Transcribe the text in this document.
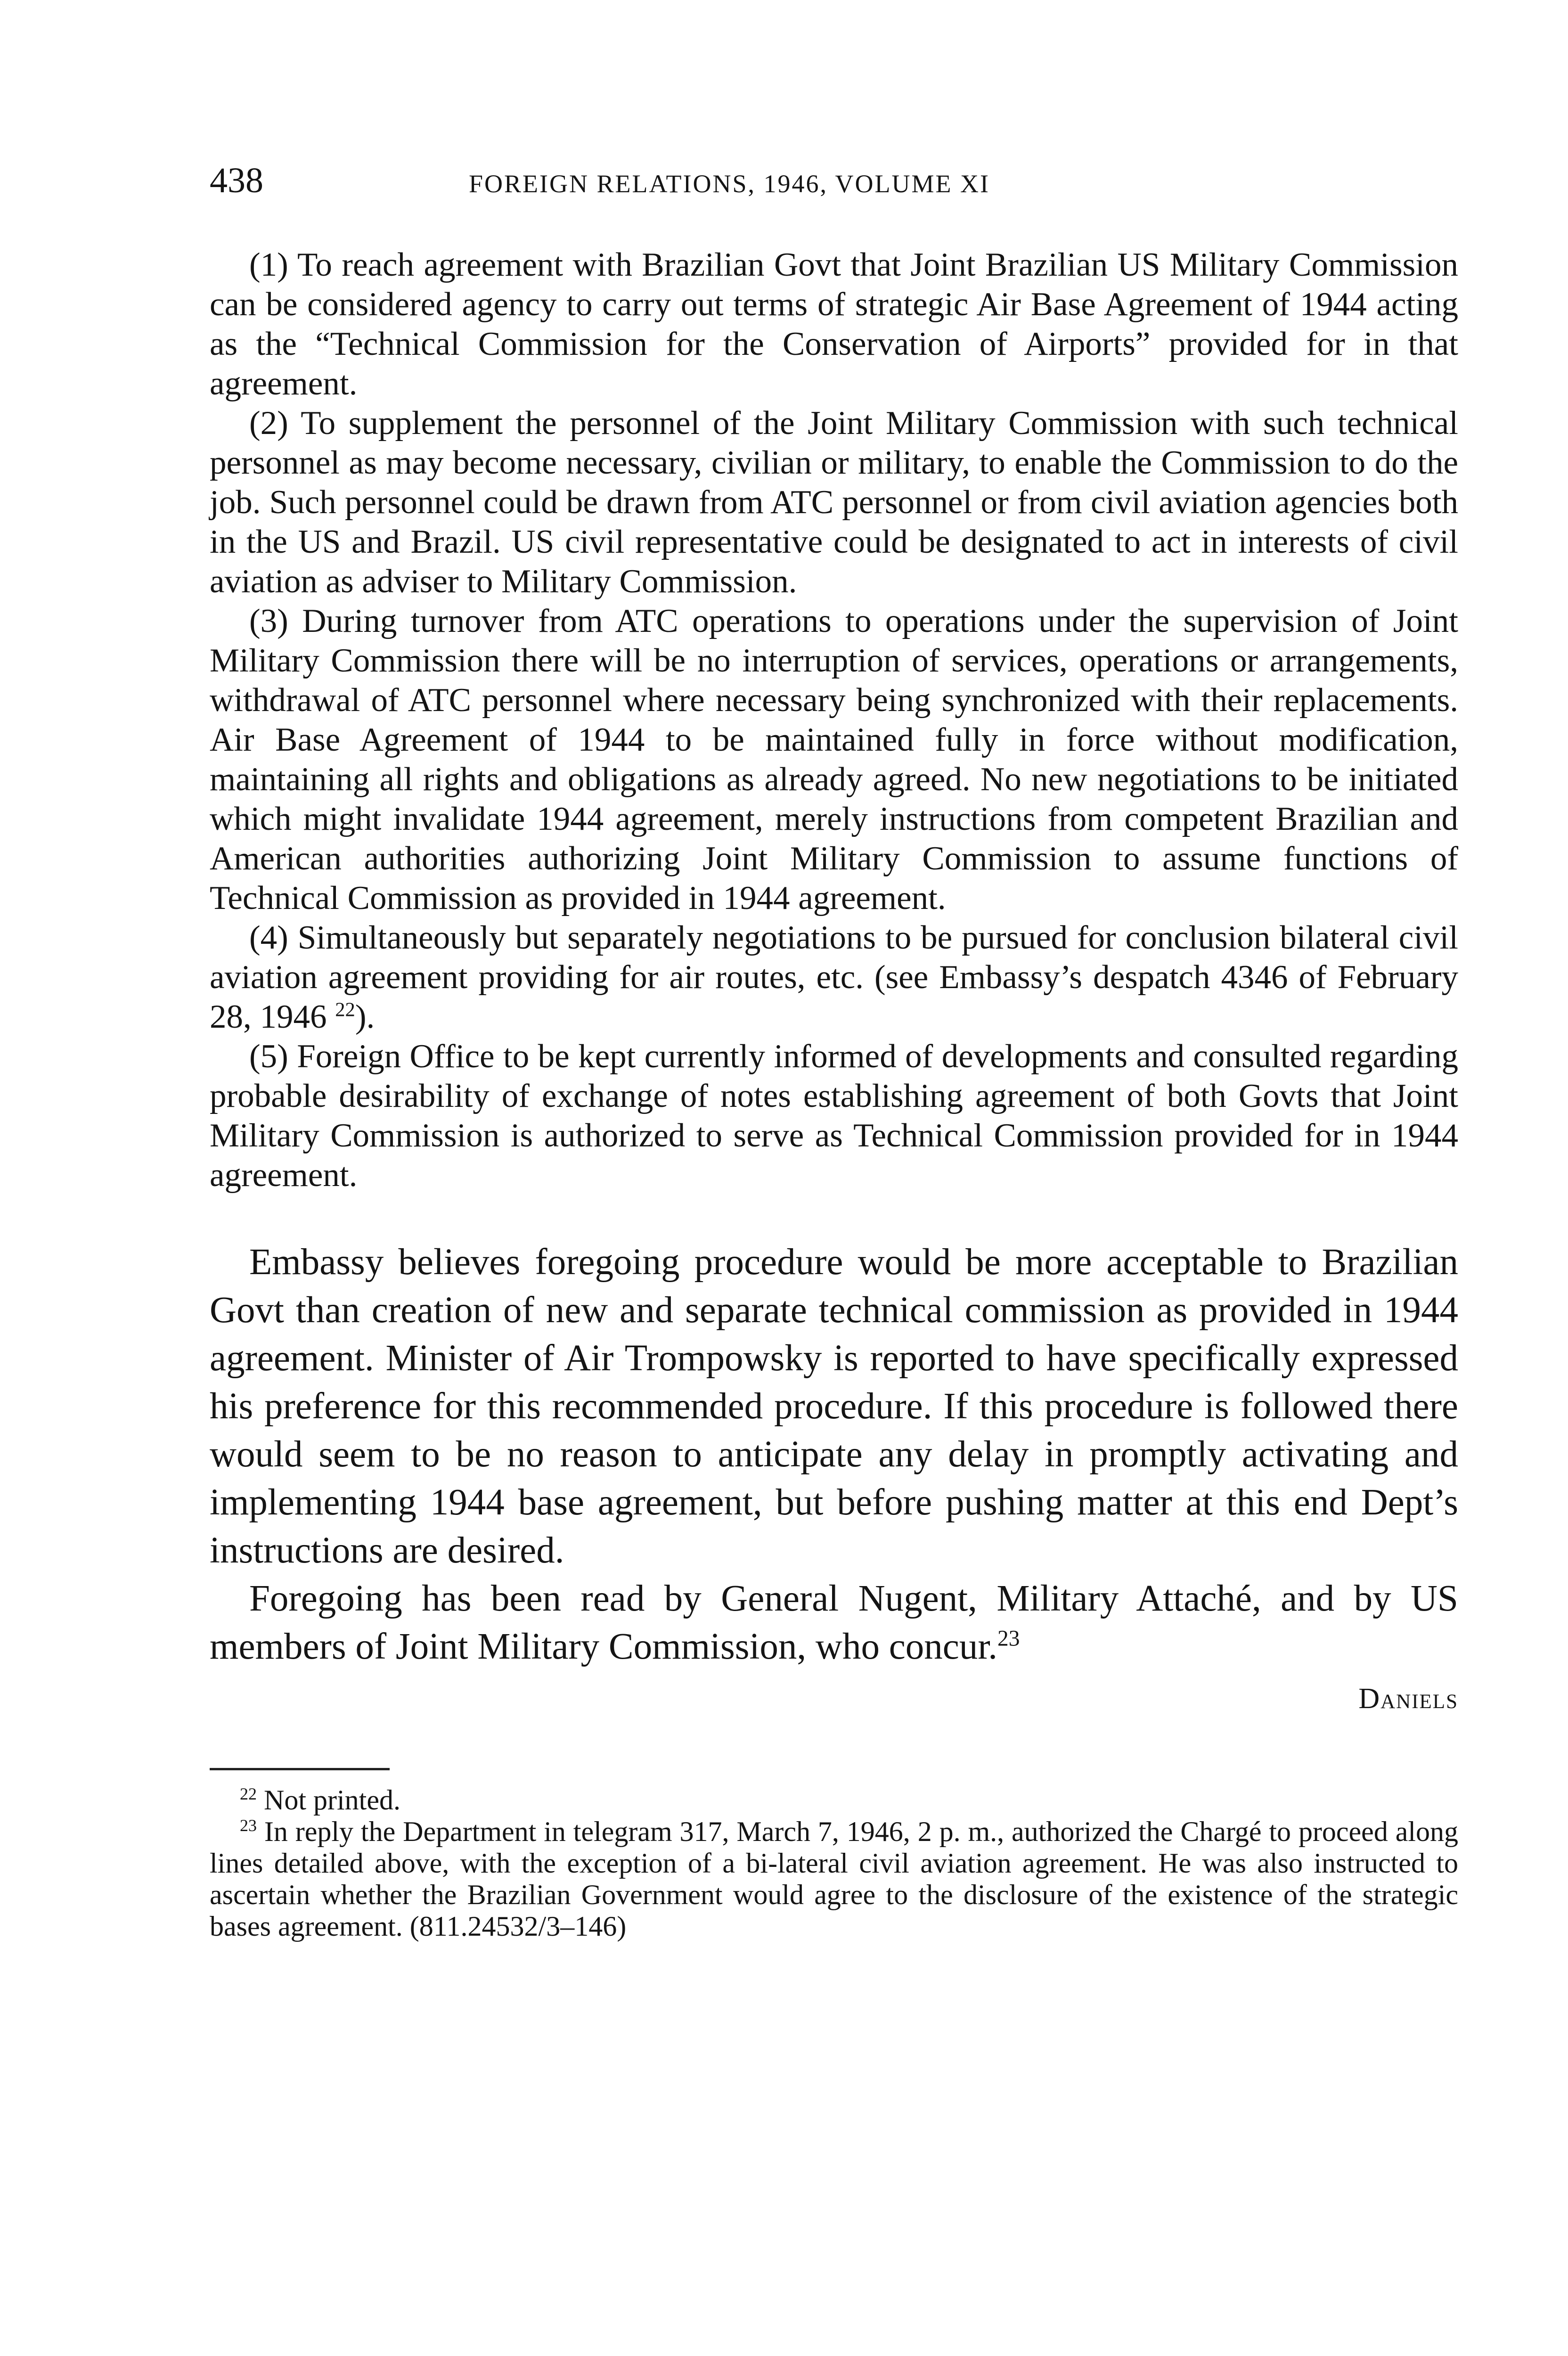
438	FOREIGN RELATIONS, 1946, VOLUME XI

(1) To reach agreement with Brazilian Govt that Joint Brazilian US Military Commission can be considered agency to carry out terms of strategic Air Base Agreement of 1944 acting as the “Technical Commission for the Conservation of Airports” provided for in that agreement.

(2) To supplement the personnel of the Joint Military Commission with such technical personnel as may become necessary, civilian or military, to enable the Commission to do the job. Such personnel could be drawn from ATC personnel or from civil aviation agencies both in the US and Brazil. US civil representative could be designated to act in interests of civil aviation as adviser to Military Commission.

(3) During turnover from ATC operations to operations under the supervision of Joint Military Commission there will be no interruption of services, operations or arrangements, withdrawal of ATC personnel where necessary being synchronized with their replacements. Air Base Agreement of 1944 to be maintained fully in force without modification, maintaining all rights and obligations as already agreed. No new negotiations to be initiated which might invalidate 1944 agreement, merely instructions from competent Brazilian and American authorities authorizing Joint Military Commission to assume functions of Technical Commission as provided in 1944 agreement.

(4) Simultaneously but separately negotiations to be pursued for conclusion bilateral civil aviation agreement providing for air routes, etc. (see Embassy’s despatch 4346 of February 28, 1946 $^{22}$).

(5) Foreign Office to be kept currently informed of developments and consulted regarding probable desirability of exchange of notes establishing agreement of both Govts that Joint Military Commission is authorized to serve as Technical Commission provided for in 1944 agreement.

Embassy believes foregoing procedure would be more acceptable to Brazilian Govt than creation of new and separate technical commission as provided in 1944 agreement. Minister of Air Trompowsky is reported to have specifically expressed his preference for this recommended procedure. If this procedure is followed there would seem to be no reason to anticipate any delay in promptly activating and implementing 1944 base agreement, but before pushing matter at this end Dept’s instructions are desired.

Foregoing has been read by General Nugent, Military Attaché, and by US members of Joint Military Commission, who concur.$^{23}$

Daniels

$^{22}$ Not printed.

$^{23}$ In reply the Department in telegram 317, March 7, 1946, 2 p. m., authorized the Chargé to proceed along lines detailed above, with the exception of a bi-lateral civil aviation agreement. He was also instructed to ascertain whether the Brazilian Government would agree to the disclosure of the existence of the strategic bases agreement. (811.24532/3–146)
